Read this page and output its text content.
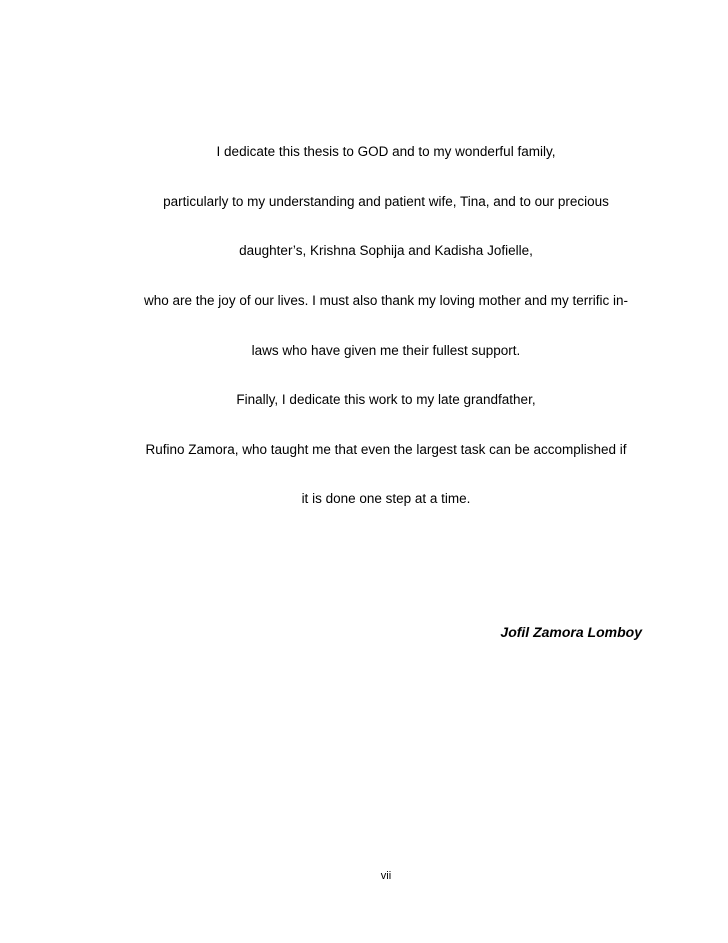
I dedicate this thesis to GOD and to my wonderful family,
particularly to my understanding and patient wife, Tina, and to our precious
daughter’s, Krishna Sophija and Kadisha Jofielle,
who are the joy of our lives. I must also thank my loving mother and my terrific in-
laws who have given me their fullest support.
Finally, I dedicate this work to my late grandfather,
Rufino Zamora, who taught me that even the largest task can be accomplished if
it is done one step at a time.
Jofil Zamora Lomboy
vii
